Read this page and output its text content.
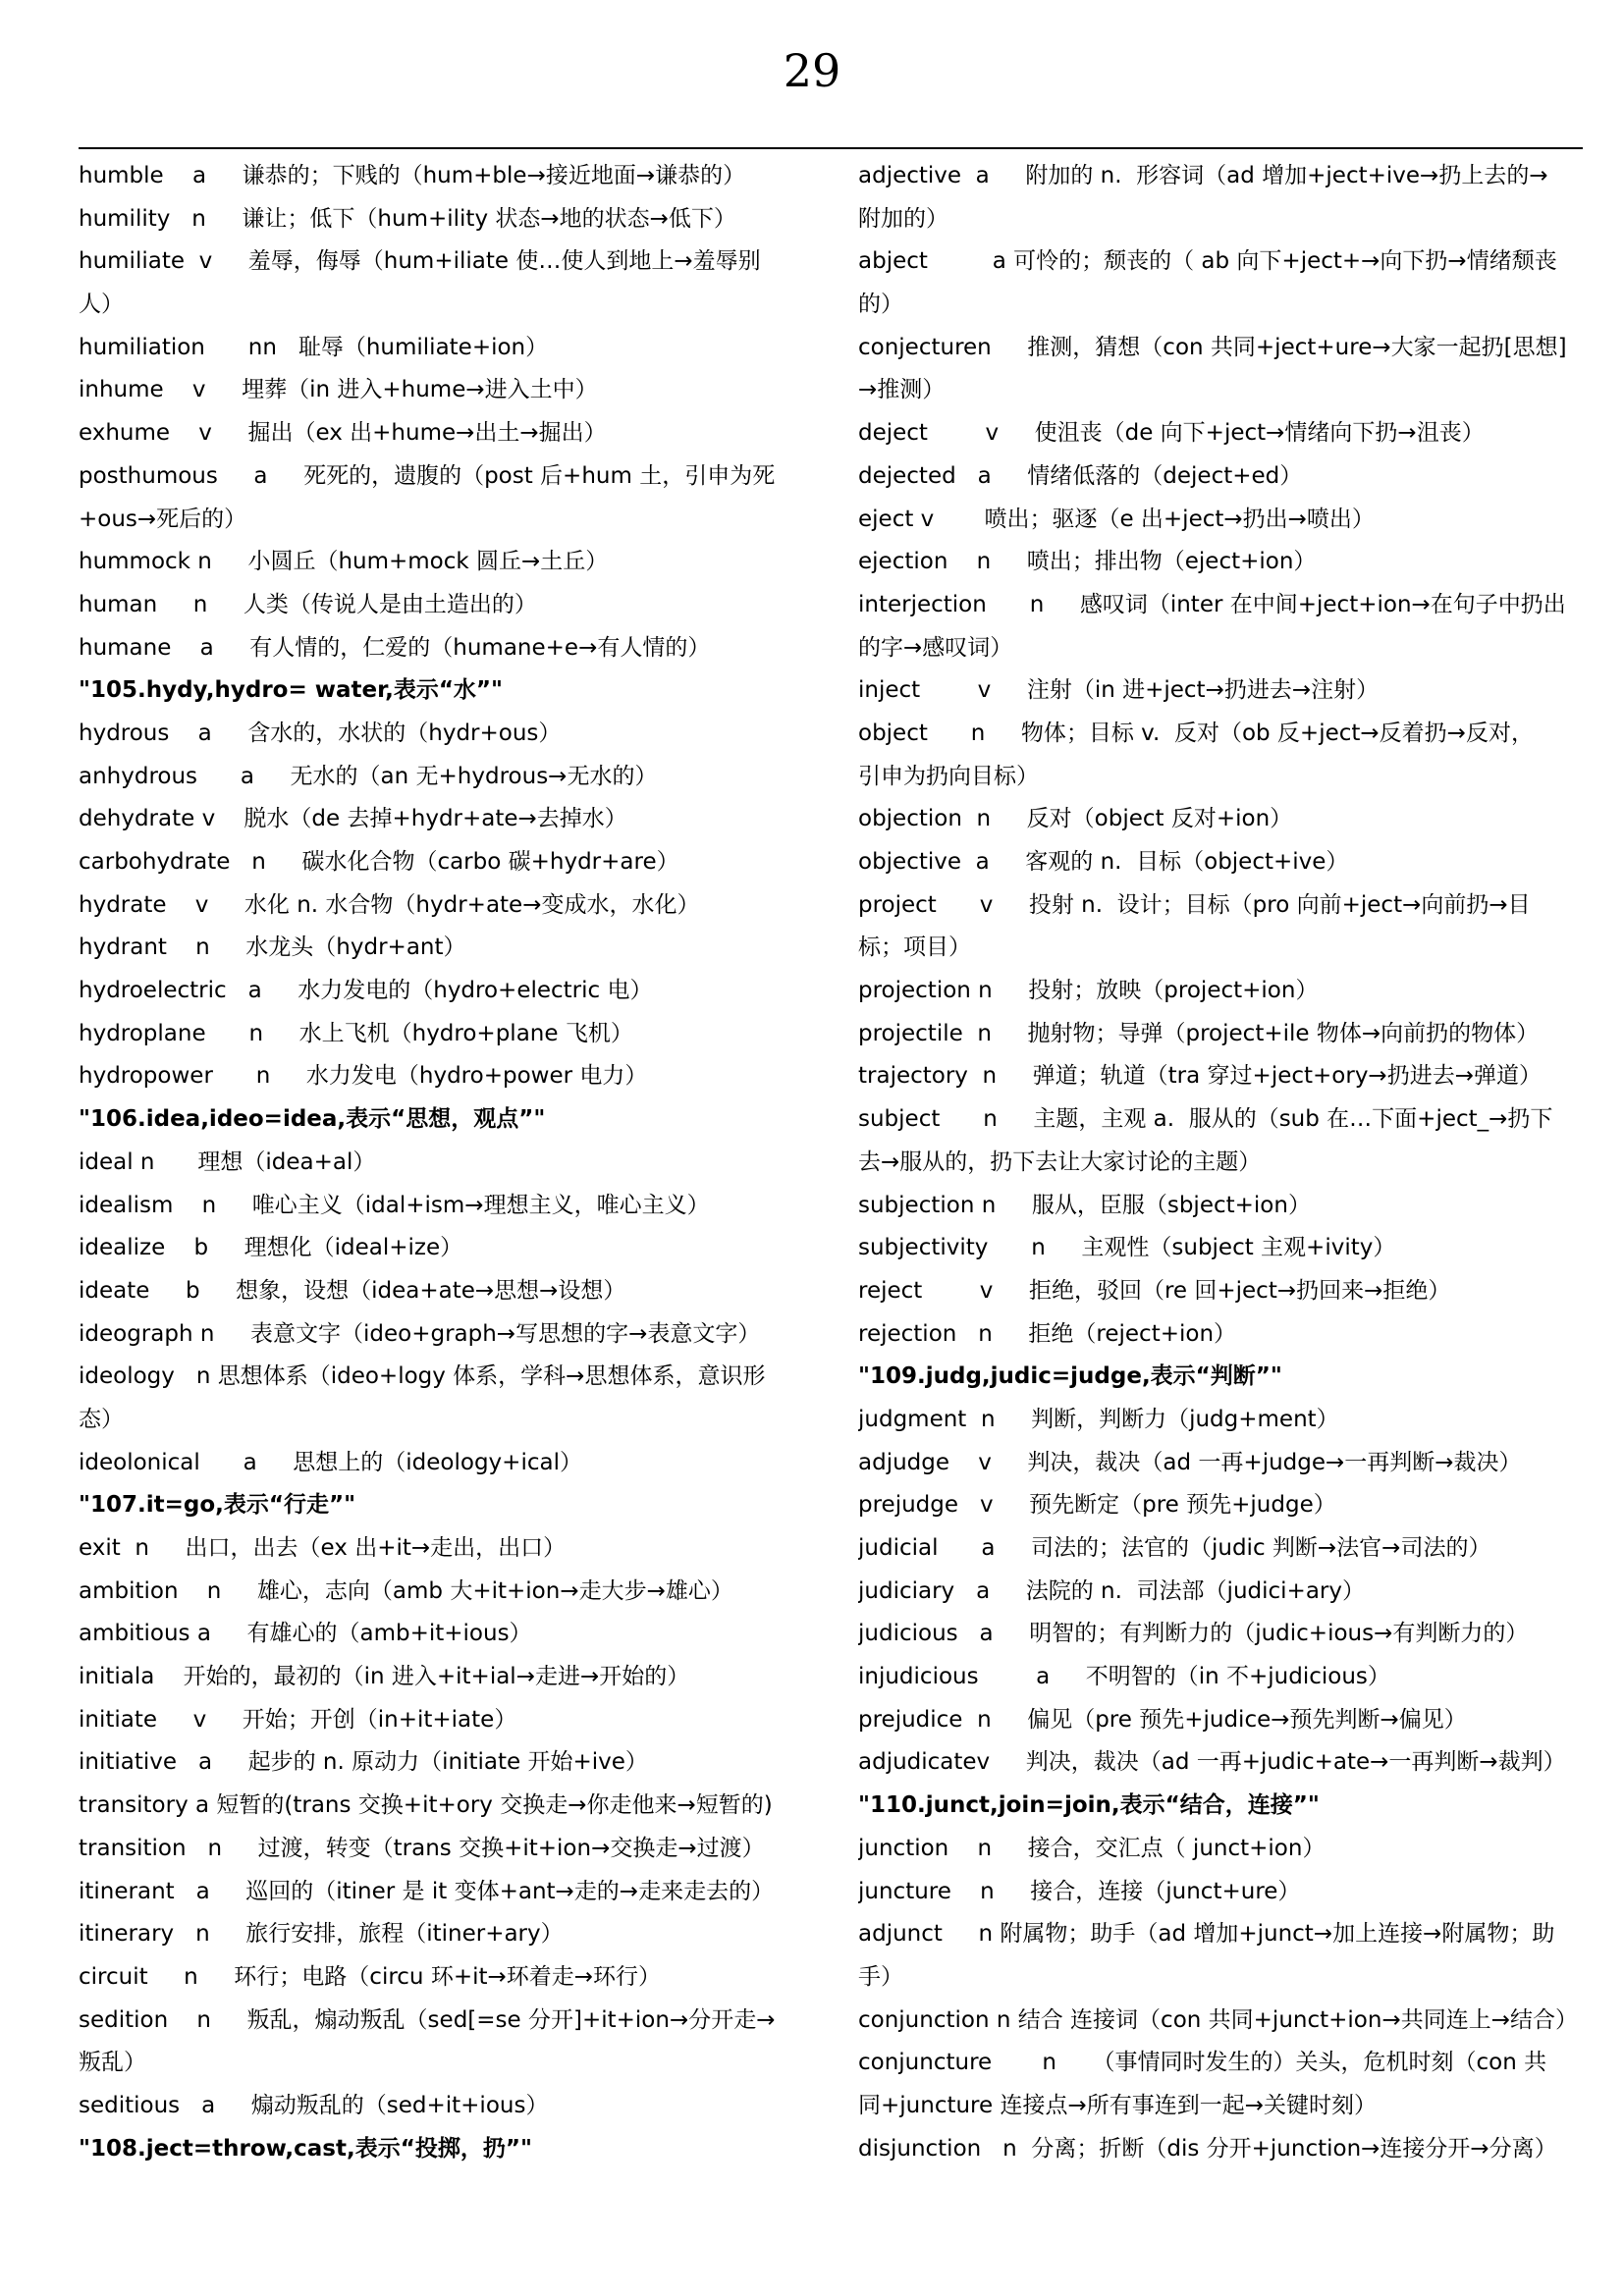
29
humble    a     谦恭的；下贱的（hum+ble→接近地面→谦恭的）
humility   n     谦让；低下（hum+ility 状态→地的状态→低下）
humiliate  v     羞辱，侮辱（hum+iliate 使…使人到地上→羞辱别
人）
humiliation      nn   耻辱（humiliate+ion）
inhume    v     埋葬（in 进入+hume→进入土中）
exhume    v     掘出（ex 出+hume→出土→掘出）
posthumous     a     死死的，遗腹的（post 后+hum 土，引申为死
+ous→死后的）
hummock n     小圆丘（hum+mock 圆丘→土丘）
human     n     人类（传说人是由土造出的）
humane    a     有人情的，仁爱的（humane+e→有人情的）
"105.hydy,hydro= water,表示“水”"
hydrous    a     含水的，水状的（hydr+ous）
anhydrous      a     无水的（an 无+hydrous→无水的）
dehydrate v    脱水（de 去掉+hydr+ate→去掉水）
carbohydrate   n     碳水化合物（carbo 碳+hydr+are）
hydrate    v     水化 n. 水合物（hydr+ate→变成水，水化）
hydrant    n     水龙头（hydr+ant）
hydroelectric   a     水力发电的（hydro+electric 电）
hydroplane      n     水上飞机（hydro+plane 飞机）
hydropower      n     水力发电（hydro+power 电力）
"106.idea,ideo=idea,表示“思想，观点”"
ideal n      理想（idea+al）
idealism    n     唯心主义（idal+ism→理想主义，唯心主义）
idealize    b     理想化（ideal+ize）
ideate     b     想象，设想（idea+ate→思想→设想）
ideograph n     表意文字（ideo+graph→写思想的字→表意文字）
ideology   n 思想体系（ideo+logy 体系，学科→思想体系，意识形
态）
ideolonical      a     思想上的（ideology+ical）
"107.it=go,表示“行走”"
exit  n     出口，出去（ex 出+it→走出，出口）
ambition    n     雄心，志向（amb 大+it+ion→走大步→雄心）
ambitious a     有雄心的（amb+it+ious）
initiala    开始的，最初的（in 进入+it+ial→走进→开始的）
initiate     v     开始；开创（in+it+iate）
initiative   a     起步的 n. 原动力（initiate 开始+ive）
transitory a 短暂的(trans 交换+it+ory 交换走→你走他来→短暂的)
transition   n     过渡，转变（trans 交换+it+ion→交换走→过渡）
itinerant   a     巡回的（itiner 是 it 变体+ant→走的→走来走去的）
itinerary   n     旅行安排，旅程（itiner+ary）
circuit     n     环行；电路（circu 环+it→环着走→环行）
sedition    n     叛乱，煽动叛乱（sed[=se 分开]+it+ion→分开走→
叛乱）
seditious   a     煽动叛乱的（sed+it+ious）
"108.ject=throw,cast,表示“投掷，扔”"
adjective  a     附加的 n.  形容词（ad 增加+ject+ive→扔上去的→
附加的）
abject         a 可怜的；颓丧的（ ab 向下+ject+→向下扔→情绪颓丧
的）
conjecturen     推测，猜想（con 共同+ject+ure→大家一起扔[思想]
→推测）
deject        v     使沮丧（de 向下+ject→情绪向下扔→沮丧）
dejected   a     情绪低落的（deject+ed）
eject v       喷出；驱逐（e 出+ject→扔出→喷出）
ejection    n     喷出；排出物（eject+ion）
interjection      n     感叹词（inter 在中间+ject+ion→在句子中扔出
的字→感叹词）
inject        v     注射（in 进+ject→扔进去→注射）
object      n     物体；目标 v.  反对（ob 反+ject→反着扔→反对，
引申为扔向目标）
objection  n     反对（object 反对+ion）
objective  a     客观的 n.  目标（object+ive）
project      v     投射 n.  设计；目标（pro 向前+ject→向前扔→目
标；项目）
projection n     投射；放映（project+ion）
projectile  n     抛射物；导弹（project+ile 物体→向前扔的物体）
trajectory  n     弹道；轨道（tra 穿过+ject+ory→扔进去→弹道）
subject      n     主题，主观 a.  服从的（sub 在…下面+ject_→扔下
去→服从的，扔下去让大家讨论的主题）
subjection n     服从，臣服（sbject+ion）
subjectivity      n     主观性（subject 主观+ivity）
reject        v     拒绝，驳回（re 回+ject→扔回来→拒绝）
rejection   n     拒绝（reject+ion）
"109.judg,judic=judge,表示“判断”"
judgment  n     判断，判断力（judg+ment）
adjudge    v     判决，裁决（ad 一再+judge→一再判断→裁决）
prejudge   v     预先断定（pre 预先+judge）
judicial      a     司法的；法官的（judic 判断→法官→司法的）
judiciary   a     法院的 n.  司法部（judici+ary）
judicious   a     明智的；有判断力的（judic+ious→有判断力的）
injudicious        a     不明智的（in 不+judicious）
prejudice  n     偏见（pre 预先+judice→预先判断→偏见）
adjudicatev     判决，裁决（ad 一再+judic+ate→一再判断→裁判）
"110.junct,join=join,表示“结合，连接”"
junction    n     接合，交汇点（ junct+ion）
juncture    n     接合，连接（junct+ure）
adjunct     n 附属物；助手（ad 增加+junct→加上连接→附属物；助
手）
conjunction n 结合 连接词（con 共同+junct+ion→共同连上→结合）
conjuncture       n     （事情同时发生的）关头，危机时刻（con 共
同+juncture 连接点→所有事连到一起→关键时刻）
disjunction   n  分离；折断（dis 分开+junction→连接分开→分离）
